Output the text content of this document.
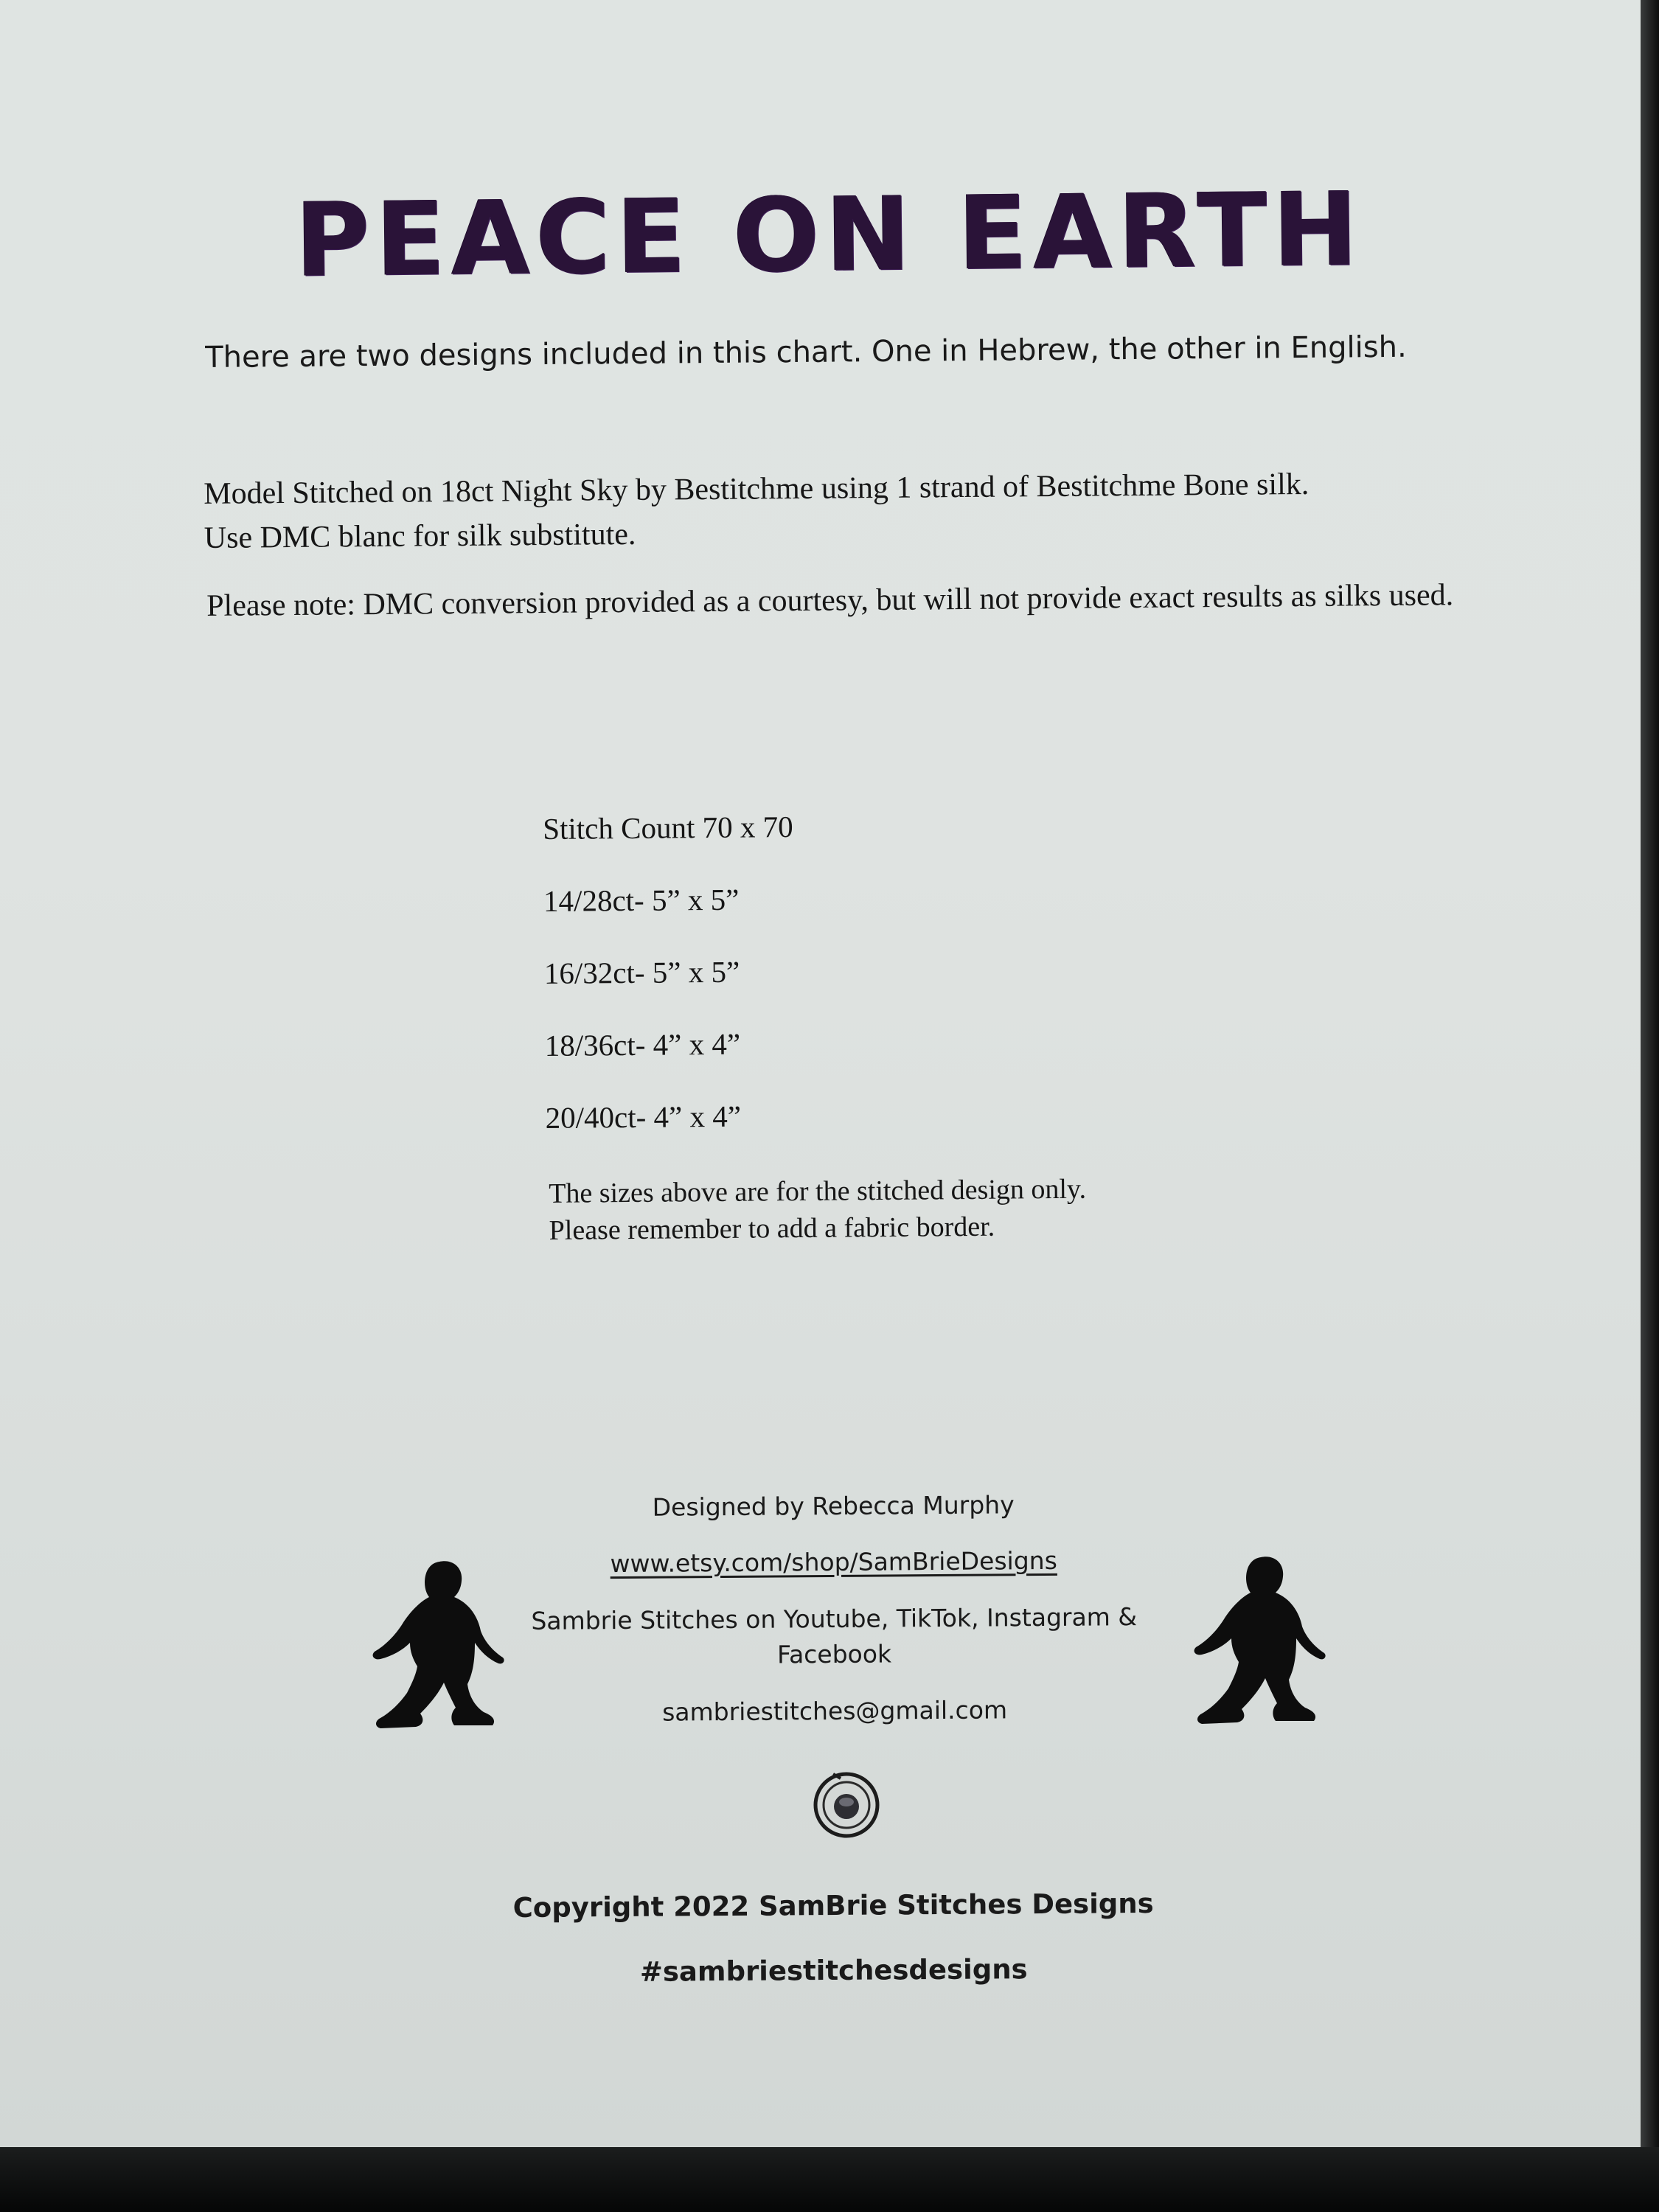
PEACE ON EARTH
There are two designs included in this chart. One in Hebrew, the other in English.
Model Stitched on 18ct Night Sky by Bestitchme using 1 strand of Bestitchme Bone silk.
Use DMC blanc for silk substitute.
Please note: DMC conversion provided as a courtesy, but will not provide exact results as silks used.
Stitch Count 70 x 70
14/28ct- 5” x 5”
16/32ct- 5” x 5”
18/36ct- 4” x 4”
20/40ct- 4” x 4”
The sizes above are for the stitched design only.
Please remember to add a fabric border.
Designed by Rebecca Murphy
www.etsy.com/shop/SamBrieDesigns
Sambrie Stitches on Youtube, TikTok, Instagram &
Facebook
sambriestitches@gmail.com
Copyright 2022 SamBrie Stitches Designs
#sambriestitchesdesigns
